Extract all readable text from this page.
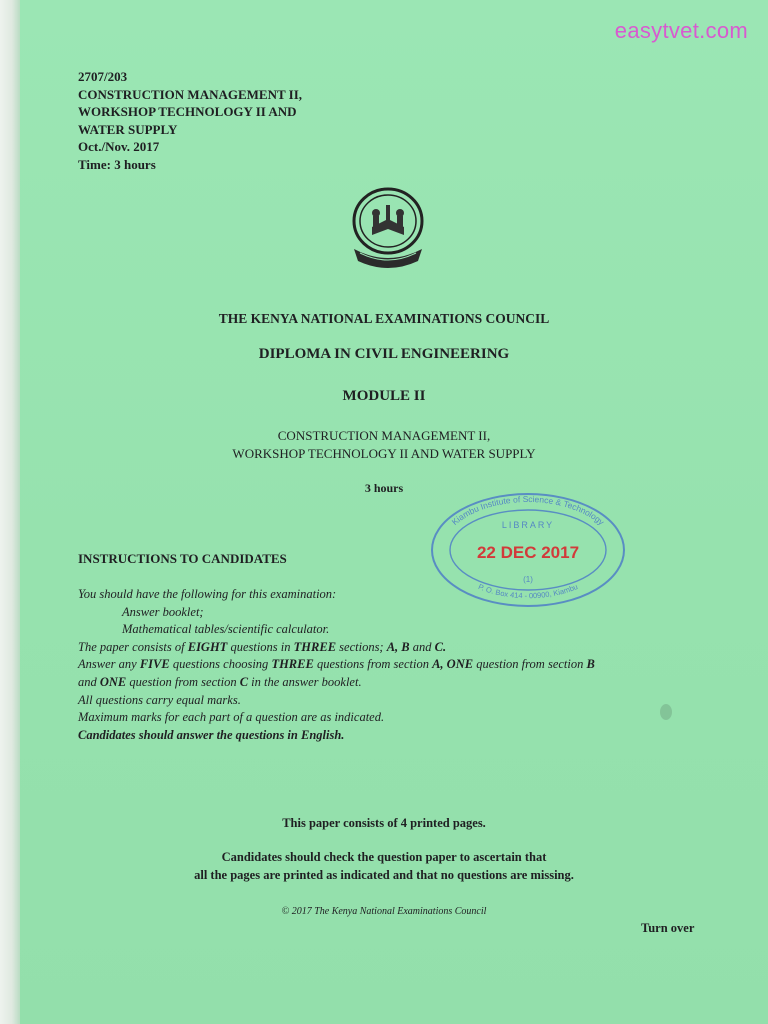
easytvet.com
2707/203
CONSTRUCTION MANAGEMENT II,
WORKSHOP TECHNOLOGY II AND
WATER SUPPLY
Oct./Nov. 2017
Time: 3 hours
THE KENYA NATIONAL EXAMINATIONS COUNCIL
DIPLOMA IN CIVIL ENGINEERING
MODULE II
CONSTRUCTION MANAGEMENT II,
WORKSHOP TECHNOLOGY II AND WATER SUPPLY
3 hours
Kiambu Institute of Science & Technology
LIBRARY
22 DEC 2017
(1)
P. O. Box 414 - 00900, Kiambu
INSTRUCTIONS TO CANDIDATES
You should have the following for this examination:
Answer booklet;
Mathematical tables/scientific calculator.
The paper consists of EIGHT questions in THREE sections; A, B and C.
Answer any FIVE questions choosing THREE questions from section A, ONE question from section B
and ONE question from section C in the answer booklet.
All questions carry equal marks.
Maximum marks for each part of a question are as indicated.
Candidates should answer the questions in English.
This paper consists of 4 printed pages.
Candidates should check the question paper to ascertain that
all the pages are printed as indicated and that no questions are missing.
© 2017 The Kenya National Examinations Council
Turn over
